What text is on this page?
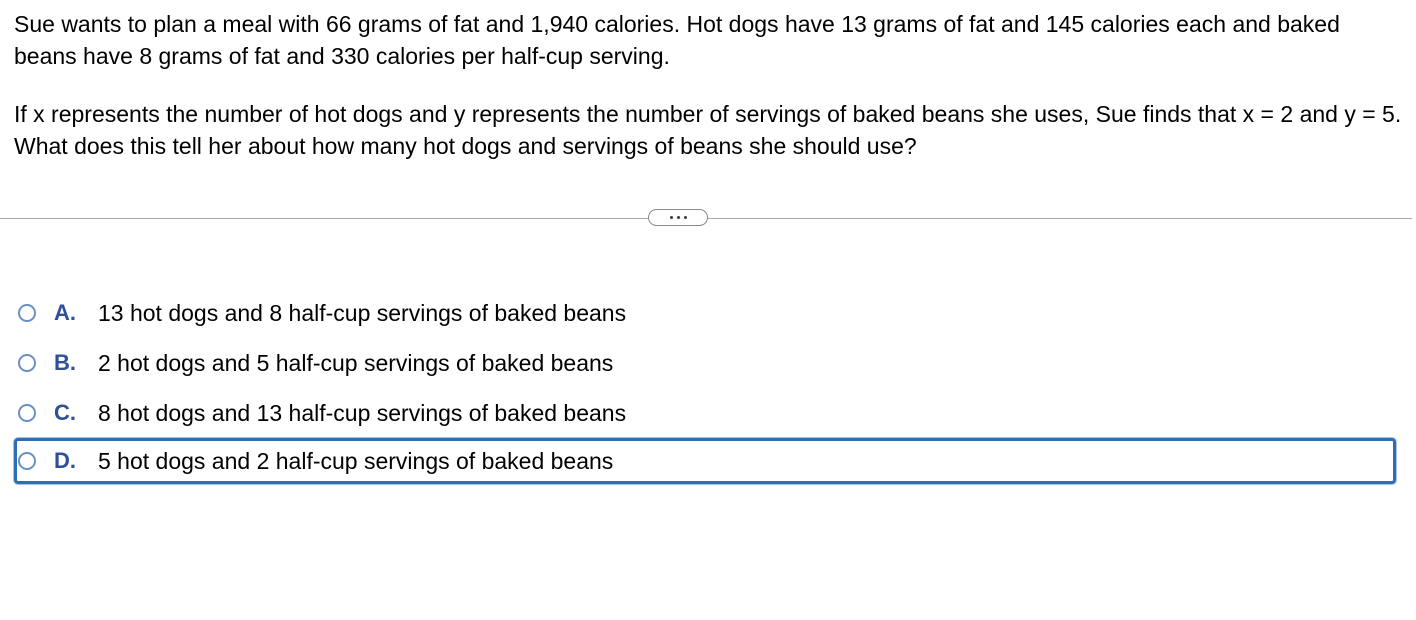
Sue wants to plan a meal with 66 grams of fat and 1,940 calories. Hot dogs have 13 grams of fat and 145 calories each and baked beans have 8 grams of fat and 330 calories per half-cup serving.

If x represents the number of hot dogs and y represents the number of servings of baked beans she uses, Sue finds that x = 2 and y = 5. What does this tell her about how many hot dogs and servings of beans she should use?

A. 13 hot dogs and 8 half-cup servings of baked beans
B. 2 hot dogs and 5 half-cup servings of baked beans
C. 8 hot dogs and 13 half-cup servings of baked beans
D. 5 hot dogs and 2 half-cup servings of baked beans
